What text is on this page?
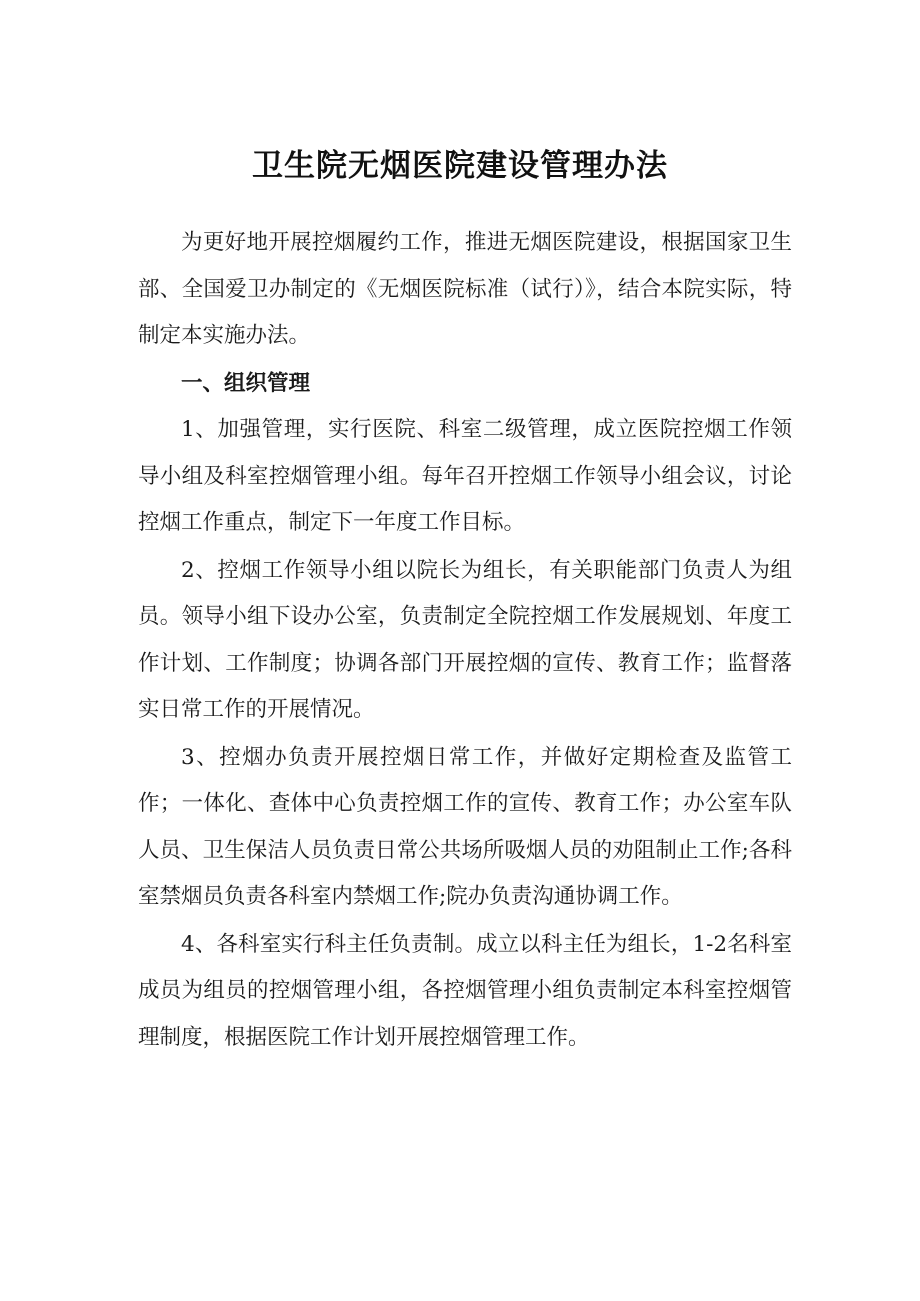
卫生院无烟医院建设管理办法

为更好地开展控烟履约工作，推进无烟医院建设，根据国家卫生部、全国爱卫办制定的《无烟医院标准（试行）》，结合本院实际，特制定本实施办法。

一、组织管理

1、加强管理，实行医院、科室二级管理，成立医院控烟工作领导小组及科室控烟管理小组。每年召开控烟工作领导小组会议，讨论控烟工作重点，制定下一年度工作目标。

2、控烟工作领导小组以院长为组长，有关职能部门负责人为组员。领导小组下设办公室，负责制定全院控烟工作发展规划、年度工作计划、工作制度；协调各部门开展控烟的宣传、教育工作；监督落实日常工作的开展情况。

3、控烟办负责开展控烟日常工作，并做好定期检查及监管工作；一体化、查体中心负责控烟工作的宣传、教育工作；办公室车队人员、卫生保洁人员负责日常公共场所吸烟人员的劝阻制止工作;各科室禁烟员负责各科室内禁烟工作;院办负责沟通协调工作。

4、各科室实行科主任负责制。成立以科主任为组长，1-2名科室成员为组员的控烟管理小组，各控烟管理小组负责制定本科室控烟管理制度，根据医院工作计划开展控烟管理工作。
